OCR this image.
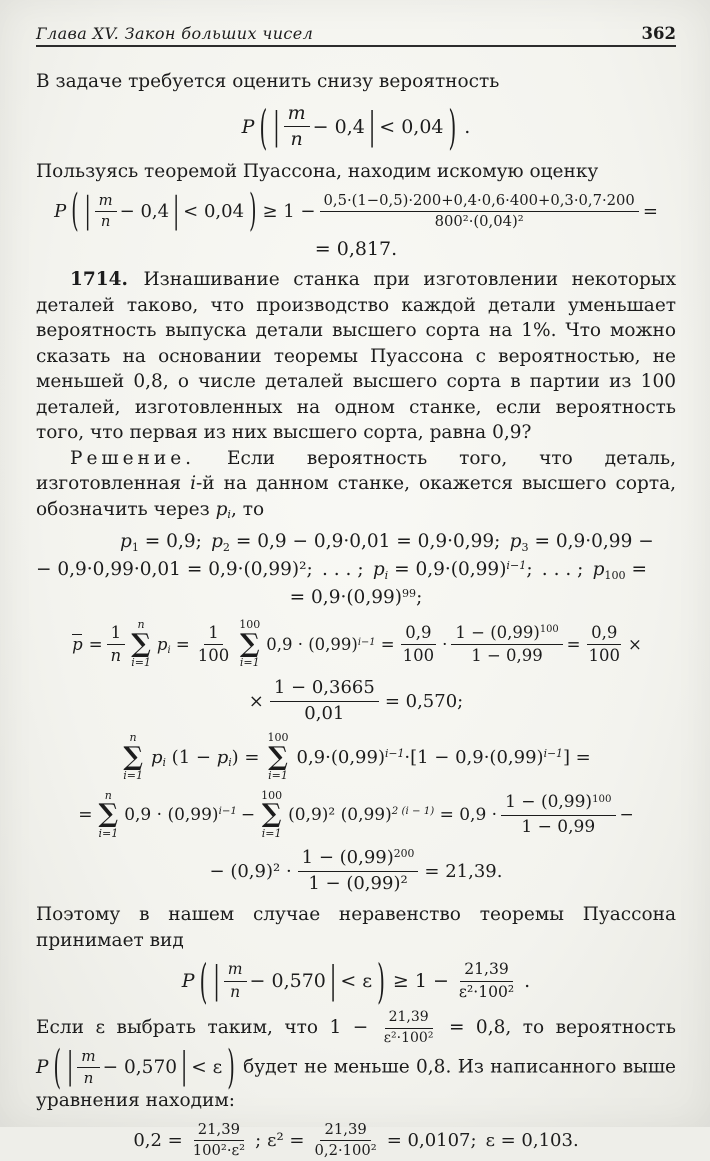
Глава XV. Закон больших чисел	362

В задаче требуется оценить снизу вероятность

P ( | $\frac{m}{n} - 0,4$ | < 0,04 ) .

Пользуясь теоремой Пуассона, находим искомую оценку

P ( | $\frac{m}{n} - 0,4$ | < 0,04 ) ≥ $1 - \frac{0,5\cdot(1-0,5)\cdot 200+0,4\cdot 0,6\cdot 400+0,3\cdot 0,7\cdot 200}{\text{800²·(0,04)²}}$ =
= 0,817.

1714. Изнашивание станка при изготовлении некоторых деталей таково, что производство каждой детали уменьшает вероятность выпуска детали высшего сорта на 1%. Что можно сказать на основании теоремы Пуассона с вероятностью, не меньшей 0,8, о числе деталей высшего сорта в партии из 100 деталей, изготовленных на одном станке, если вероятность того, что первая из них высшего сорта, равна 0,9?

Решение. Если вероятность того, что деталь, изготовленная i-й на данном станке, окажется высшего сорта, обозначить через $p_i$, то

$p_1 = 0,9$; $p_2 = 0,9 - 0,9\cdot 0,01 = 0,9\cdot 0,99$; $p_3 = 0,9\cdot 0,99$ −
− 0,9·0,99·0,01 = 0,9·(0,99)²; . . . ; $p_i = 0,9\cdot(0,99)^{i-1}$; . . . ; $p_{100}$ =
= $0,9\cdot(0,99)^{99}$;
$p = \frac{1}{n}$ n
∑
i=1
$p_i = \frac{1}{100} 100$
∑
i=1
$0,9 \cdot (0,99)^{i-1} = \frac{0,9}{100} \cdot \frac{1 - (0,99)^{100}}{1 - 0,99} = \frac{0,9}{100}$ ×
× $\frac{1 - 0,3665}{0,01} = 0,570$;
n
∑
i=1
$p_i$ $(1 - p_i)$ =
100
∑
i=1
$0,9\cdot(0,99)^{i-1}\cdot[1 - 0,9\cdot(0,99)^{i-1}]$ =
=
n
∑
i=1
$0,9 \cdot (0,99)^{i-1}$ −
100
∑
i=1
(0,9)² $(0,99)^{2 (i - 1)} = 0,9 \cdot \frac{1 - (0,99)^{100}}{1 - 0,99}$ −
− $(0,9)^2 \cdot \frac{1 - (0,99)^{200}}{\text{1 − (0,99)²}} = 21,39$.

Поэтому в нашем случае неравенство теоремы Пуассона принимает вид

P ( | $\frac{m}{n} - 0,570$ | < ε ) ≥ $1 - \frac{21,39}{\text{ε²·100²}}$ .

Если ε выбрать таким, что $1 - \frac{21,39}{\text{ε²·100²}} = 0,8$, то вероятность
P ( | $\frac{m}{n} - 0,570$ | < ε ) будет не меньше 0,8. Из написанного выше уравнения находим:

$0,2 = \frac{21,39}{\text{100²·ε²}}$ ; $\varepsilon^2 = \frac{21,39}{\text{0,2·100²}} = 0,0107$; ε = 0,103.
